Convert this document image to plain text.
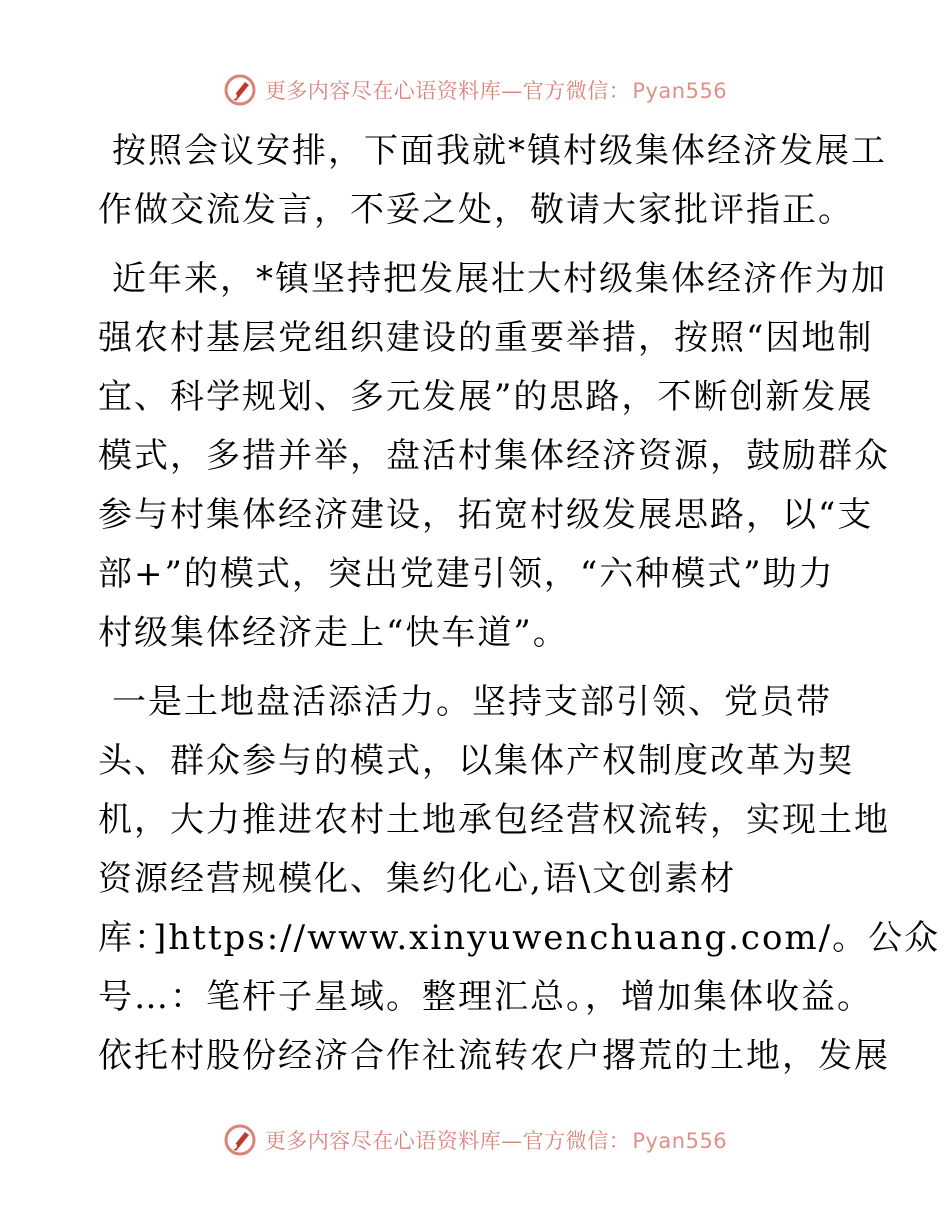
更多内容尽在心语资料库—官方微信：Pyan556
按照会议安排，下面我就*镇村级集体经济发展工
作做交流发言，不妥之处，敬请大家批评指正。
近年来，*镇坚持把发展壮大村级集体经济作为加
强农村基层党组织建设的重要举措，按照“因地制
宜、科学规划、多元发展”的思路，不断创新发展
模式，多措并举，盘活村集体经济资源，鼓励群众
参与村集体经济建设，拓宽村级发展思路，以“支
部+”的模式，突出党建引领，“六种模式”助力
村级集体经济走上“快车道”。
一是土地盘活添活力。坚持支部引领、党员带
头、群众参与的模式，以集体产权制度改革为契
机，大力推进农村土地承包经营权流转，实现土地
资源经营规模化、集约化心,语\文创素材
库：]https://www.xinyuwenchuang.com/。公众
号…：笔杆子星域。整理汇总。，增加集体收益。
依托村股份经济合作社流转农户撂荒的土地，发展
更多内容尽在心语资料库—官方微信：Pyan556
